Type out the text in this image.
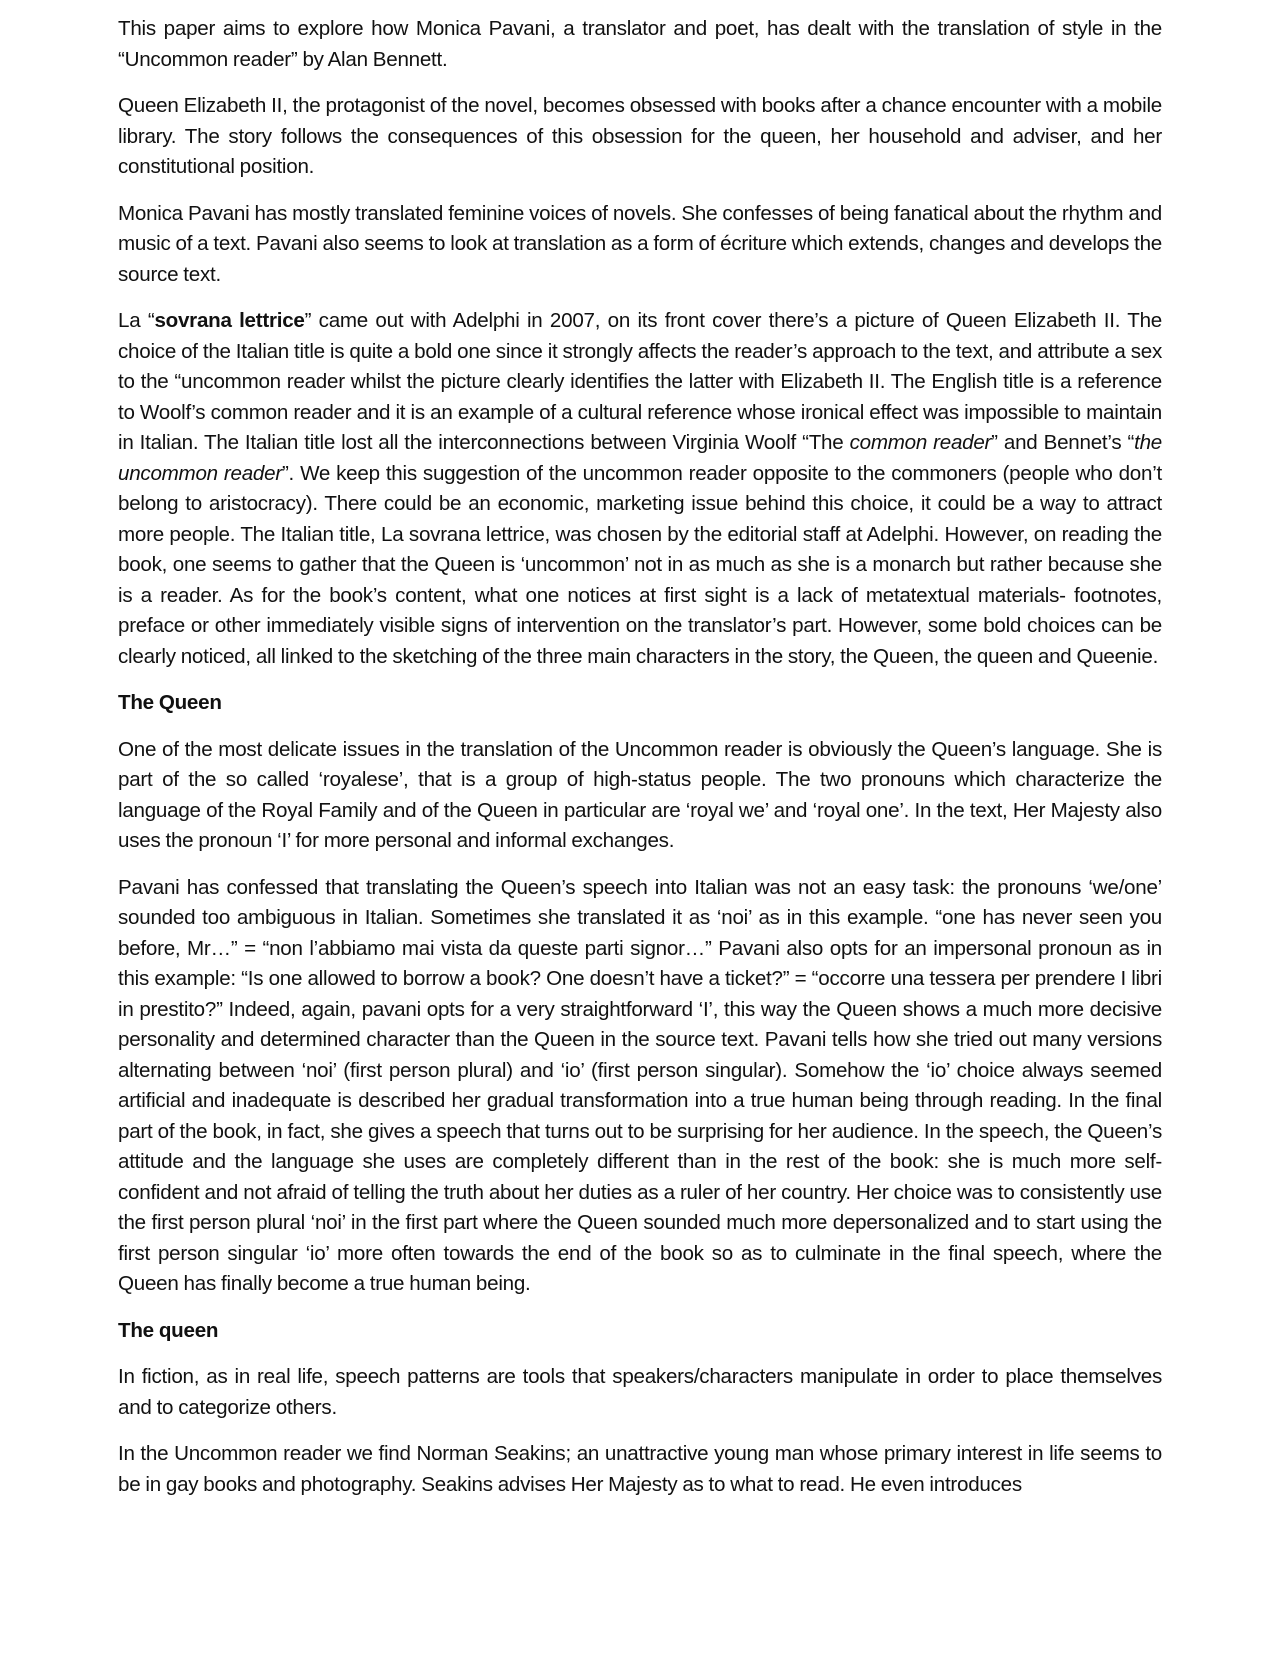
This paper aims to explore how Monica Pavani, a translator and poet, has dealt with the translation of style in the “Uncommon reader” by Alan Bennett.

Queen Elizabeth II, the protagonist of the novel, becomes obsessed with books after a chance encounter with a mobile library. The story follows the consequences of this obsession for the queen, her household and adviser, and her constitutional position.

Monica Pavani has mostly translated feminine voices of novels. She confesses of being fanatical about the rhythm and music of a text. Pavani also seems to look at translation as a form of écriture which extends, changes and develops the source text.

La “sovrana lettrice” came out with Adelphi in 2007, on its front cover there’s a picture of Queen Elizabeth II. The choice of the Italian title is quite a bold one since it strongly affects the reader’s approach to the text, and attribute a sex to the “uncommon reader whilst the picture clearly identifies the latter with Elizabeth II. The English title is a reference to Woolf’s common reader and it is an example of a cultural reference whose ironical effect was impossible to maintain in Italian. The Italian title lost all the interconnections between Virginia Woolf “The common reader” and Bennet’s “the uncommon reader”. We keep this suggestion of the uncommon reader opposite to the commoners (people who don’t belong to aristocracy). There could be an economic, marketing issue behind this choice, it could be a way to attract more people. The Italian title, La sovrana lettrice, was chosen by the editorial staff at Adelphi. However, on reading the book, one seems to gather that the Queen is ‘uncommon’ not in as much as she is a monarch but rather because she is a reader. As for the book’s content, what one notices at first sight is a lack of metatextual materials- footnotes, preface or other immediately visible signs of intervention on the translator’s part. However, some bold choices can be clearly noticed, all linked to the sketching of the three main characters in the story, the Queen, the queen and Queenie.

The Queen

One of the most delicate issues in the translation of the Uncommon reader is obviously the Queen’s language. She is part of the so called ‘royalese’, that is a group of high-status people. The two pronouns which characterize the language of the Royal Family and of the Queen in particular are ‘royal we’ and ‘royal one’. In the text, Her Majesty also uses the pronoun ‘I’ for more personal and informal exchanges.

Pavani has confessed that translating the Queen’s speech into Italian was not an easy task: the pronouns ‘we/one’ sounded too ambiguous in Italian. Sometimes she translated it as ‘noi’ as in this example. “one has never seen you before, Mr…” = “non l’abbiamo mai vista da queste parti signor…” Pavani also opts for an impersonal pronoun as in this example: “Is one allowed to borrow a book? One doesn’t have a ticket?” = “occorre una tessera per prendere I libri in prestito?” Indeed, again, pavani opts for a very straightforward ‘I’, this way the Queen shows a much more decisive personality and determined character than the Queen in the source text. Pavani tells how she tried out many versions alternating between ‘noi’ (first person plural) and ‘io’ (first person singular). Somehow the ‘io’ choice always seemed artificial and inadequate is described her gradual transformation into a true human being through reading. In the final part of the book, in fact, she gives a speech that turns out to be surprising for her audience. In the speech, the Queen’s attitude and the language she uses are completely different than in the rest of the book: she is much more self-confident and not afraid of telling the truth about her duties as a ruler of her country. Her choice was to consistently use the first person plural ‘noi’ in the first part where the Queen sounded much more depersonalized and to start using the first person singular ‘io’ more often towards the end of the book so as to culminate in the final speech, where the Queen has finally become a true human being.

The queen

In fiction, as in real life, speech patterns are tools that speakers/characters manipulate in order to place themselves and to categorize others.

In the Uncommon reader we find Norman Seakins; an unattractive young man whose primary interest in life seems to be in gay books and photography. Seakins advises Her Majesty as to what to read. He even introduces
